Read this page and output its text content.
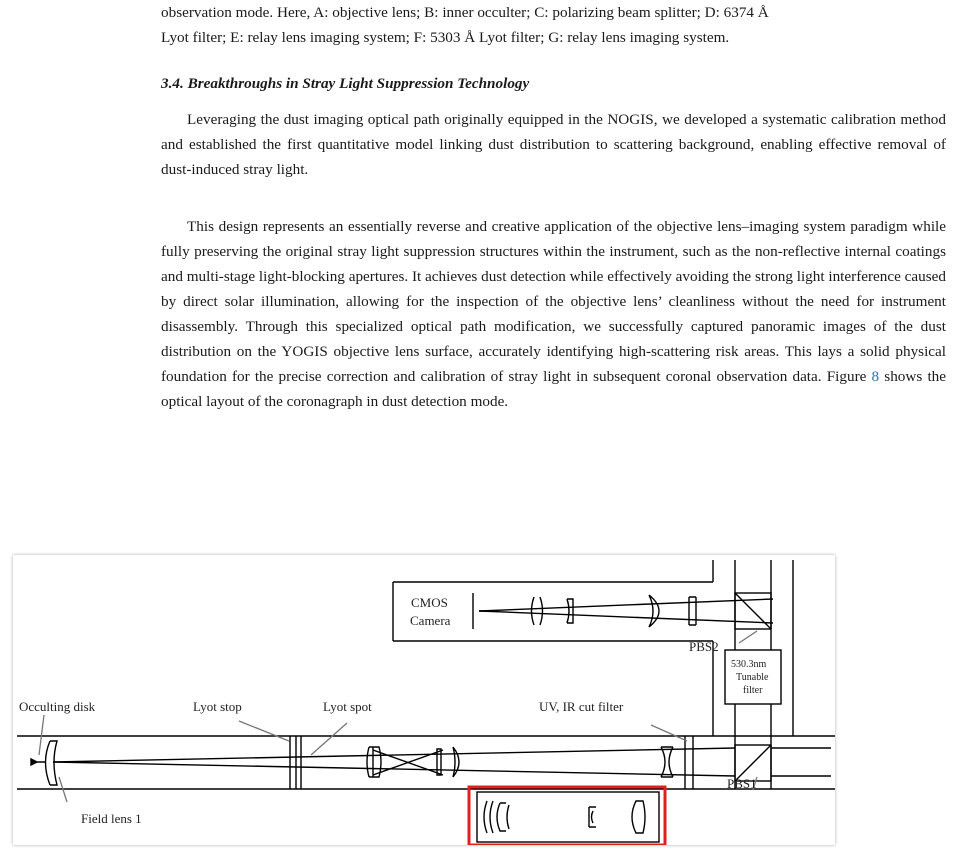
observation mode. Here, A: objective lens; B: inner occulter; C: polarizing beam splitter; D: 6374 Å
Lyot filter; E: relay lens imaging system; F: 5303 Å Lyot filter; G: relay lens imaging system.

3.4. Breakthroughs in Stray Light Suppression Technology

Leveraging the dust imaging optical path originally equipped in the NOGIS, we developed a systematic calibration method and established the first quantitative model linking dust distribution to scattering background, enabling effective removal of dust-induced stray light.

This design represents an essentially reverse and creative application of the objective lens–imaging system paradigm while fully preserving the original stray light suppression structures within the instrument, such as the non-reflective internal coatings and multi-stage light-blocking apertures. It achieves dust detection while effectively avoiding the strong light interference caused by direct solar illumination, allowing for the inspection of the objective lens’ cleanliness without the need for instrument disassembly. Through this specialized optical path modification, we successfully captured panoramic images of the dust distribution on the YOGIS objective lens surface, accurately identifying high-scattering risk areas. This lays a solid physical foundation for the precise correction and calibration of stray light in subsequent coronal observation data. Figure 8 shows the optical layout of the coronagraph in dust detection mode.

CMOS
Camera
PBS2
PBS1
530.3nm
Tunable
filter
Occulting disk	Lyot stop	Lyot spot	UV, IR cut filter
Field lens 1
